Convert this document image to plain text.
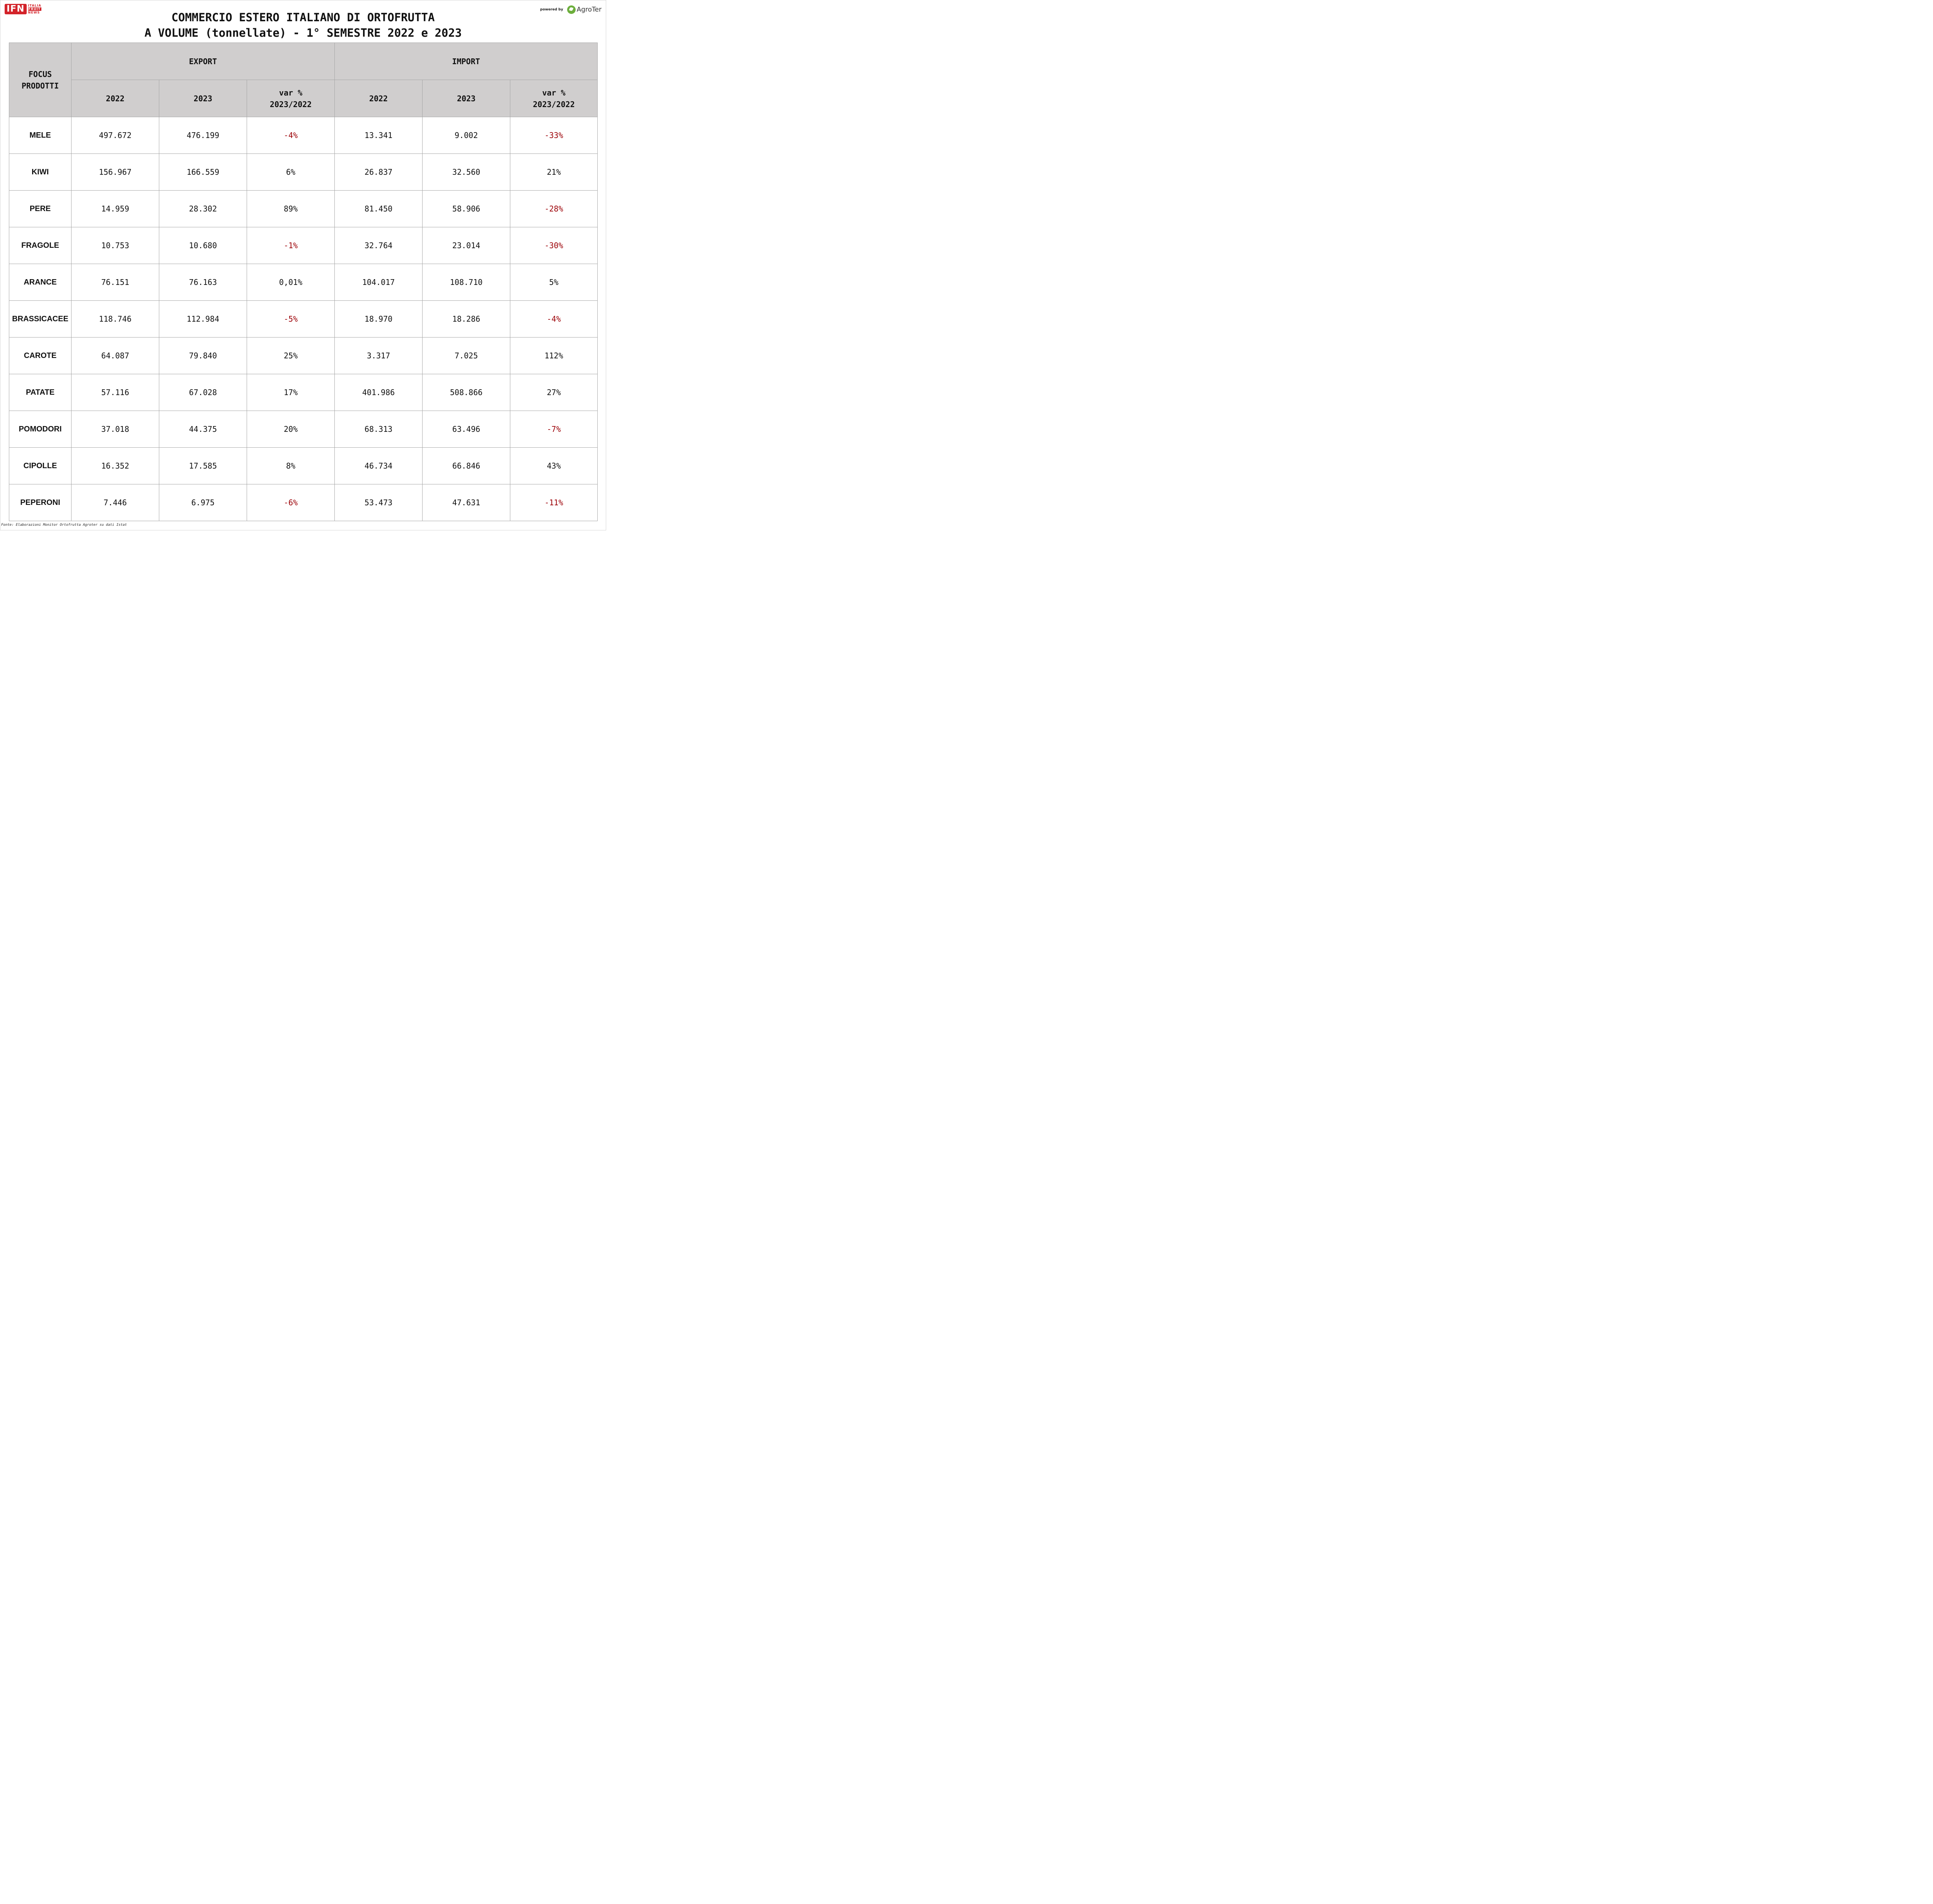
IFN	ITALIA
FRUIT
NEWS
powered by AgroTer
COMMERCIO ESTERO ITALIANO DI ORTOFRUTTA
A VOLUME (tonnellate) - 1° SEMESTRE 2022 e 2023
FOCUS PRODOTTI	EXPORT			IMPORT		
	2022	2023	var % 2023/2022	2022	2023	var % 2023/2022

MELE	497.672	476.199	-4%	13.341	9.002	-33%
KIWI	156.967	166.559	6%	26.837	32.560	21%
PERE	14.959	28.302	89%	81.450	58.906	-28%
FRAGOLE	10.753	10.680	-1%	32.764	23.014	-30%
ARANCE	76.151	76.163	0,01%	104.017	108.710	5%
BRASSICACEE	118.746	112.984	-5%	18.970	18.286	-4%
CAROTE	64.087	79.840	25%	3.317	7.025	112%
PATATE	57.116	67.028	17%	401.986	508.866	27%
POMODORI	37.018	44.375	20%	68.313	63.496	-7%
CIPOLLE	16.352	17.585	8%	46.734	66.846	43%
PEPERONI	7.446	6.975	-6%	53.473	47.631	-11%
Fonte: Elaborazioni Monitor Ortofrutta Agroter su dati Istat
